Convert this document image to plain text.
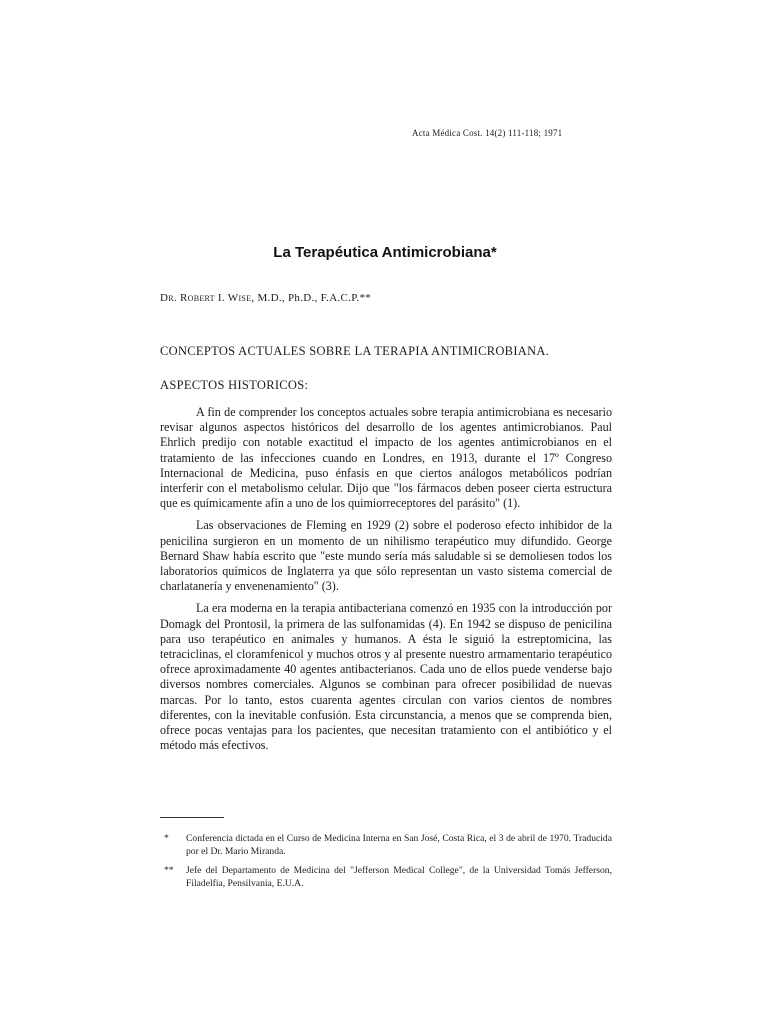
Acta Médica Cost. 14(2) 111-118; 1971
La Terapéutica Antimicrobiana*
Dr. Robert I. Wise, M.D., Ph.D., F.A.C.P.**
CONCEPTOS ACTUALES SOBRE LA TERAPIA ANTIMICROBIANA.
ASPECTOS HISTORICOS:

A fin de comprender los conceptos actuales sobre terapia antimicrobiana es necesario revisar algunos aspectos históricos del desarrollo de los agentes antimicrobianos. Paul Ehrlich predijo con notable exactitud el impacto de los agentes antimicrobianos en el tratamiento de las infecciones cuando en Londres, en 1913, durante el 17º Congreso Internacional de Medicina, puso énfasis en que ciertos análogos metabólicos podrían interferir con el metabolismo celular. Dijo que "los fármacos deben poseer cierta estructura que es químicamente afín a uno de los quimiorreceptores del parásito" (1).

Las observaciones de Fleming en 1929 (2) sobre el poderoso efecto inhibidor de la penicilina surgieron en un momento de un nihilismo terapéutico muy difundido. George Bernard Shaw había escrito que "este mundo sería más saludable si se demoliesen todos los laboratorios químicos de Inglaterra ya que sólo representan un vasto sistema comercial de charlatanería y envenenamiento" (3).

La era moderna en la terapia antibacteriana comenzó en 1935 con la introducción por Domagk del Prontosil, la primera de las sulfonamidas (4). En 1942 se dispuso de penicilina para uso terapéutico en animales y humanos. A ésta le siguió la estreptomicina, las tetraciclinas, el cloramfenicol y muchos otros y al presente nuestro armamentario terapéutico ofrece aproximadamente 40 agentes antibacterianos. Cada uno de ellos puede venderse bajo diversos nombres comerciales. Algunos se combinan para ofrecer posibilidad de nuevas marcas. Por lo tanto, estos cuarenta agentes circulan con varios cientos de nombres diferentes, con la inevitable confusión. Esta circunstancia, a menos que se comprenda bien, ofrece pocas ventajas para los pacientes, que necesitan tratamiento con el antibiótico y el método más efectivos.

* Conferencia dictada en el Curso de Medicina Interna en San José, Costa Rica, el 3 de abril de 1970. Traducida por el Dr. Mario Miranda.
** Jefe del Departamento de Medicina del "Jefferson Medical College", de la Universidad Tomás Jefferson, Filadelfia, Pensilvania, E.U.A.
